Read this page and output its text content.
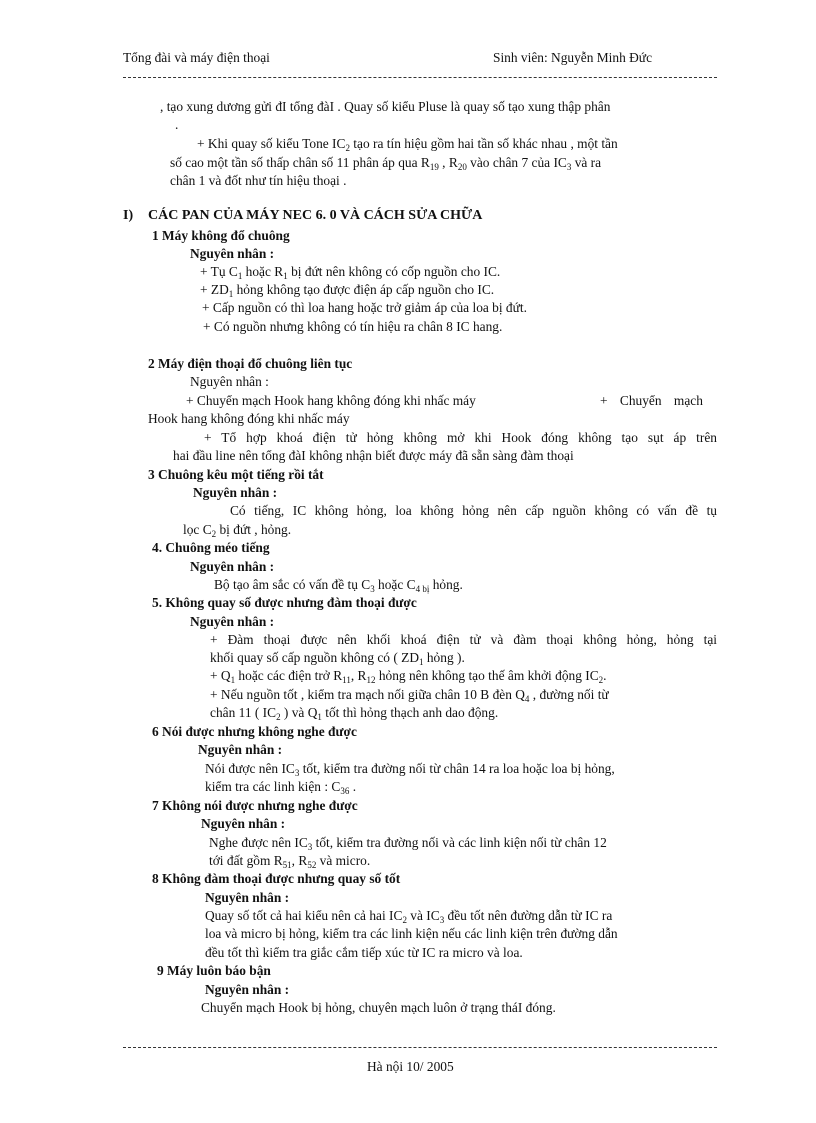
Tổng đài và máy điện thoại	Sinh viên: Nguyễn Minh Đức
, tạo xung dương gửi đI tổng đàI . Quay số kiểu Pluse là quay số tạo xung thập phân
.
+ Khi quay số kiểu Tone $IC_2$ tạo ra tín hiệu gồm hai tần số khác nhau , một tần
số cao một tần số thấp chân số 11 phân áp qua $R_{19}$ , $R_{20}$ vào chân 7 của $IC_3$ và ra
chân 1 và đốt như tín hiệu thoại .
I) CÁC PAN CỦA MÁY NEC 6. 0 VÀ CÁCH SỬA CHỮA
1 Máy không đổ chuông
Nguyên nhân :
+ Tụ $C_1$ hoặc $R_1$ bị đứt nên không có cốp nguồn cho IC.
+ $ZD_1$ hỏng không tạo được điện áp cấp nguồn cho IC.
+ Cấp nguồn có thì loa hang hoặc trở giảm áp của loa bị đứt.
+ Có nguồn nhưng không có tín hiệu ra chân 8 IC hang.
2 Máy điện thoại đổ chuông liên tục
Nguyên nhân :
+ Chuyển mạch Hook hang không đóng khi nhấc máy	+ Chuyển mạch
Hook hang không đóng khi nhấc máy
+ Tổ hợp khoá điện tử hỏng không mở khi Hook đóng không tạo sụt áp trên
hai đầu line nên tổng đàI không nhận biết được máy đã sẵn sàng đàm thoại
3 Chuông kêu một tiếng rồi tắt
Nguyên nhân :
Có tiếng, IC không hỏng, loa không hỏng nên cấp nguồn không có vấn đề tụ
lọc $C_2$ bị đứt , hỏng.
4. Chuông méo tiếng
Nguyên nhân :
Bộ tạo âm sắc có vấn đề tụ $C_3$ hoặc $C_{4 bị}$ hỏng.
5. Không quay số được nhưng đàm thoại được
Nguyên nhân :
+ Đàm thoại được nên khối khoá điện tử và đàm thoại không hỏng, hỏng tại
khối quay số cấp nguồn không có ( $ZD_1$ hỏng ).
+ $Q_1$ hoặc các điện trở $R_{11}$, $R_{12}$ hỏng nên không tạo thế âm khởi động $IC_2$.
+ Nếu nguồn tốt , kiểm tra mạch nối giữa chân 10 B đèn $Q_4$ , đường nối từ
chân 11 ( $IC_2$ ) và $Q_1$ tốt thì hỏng thạch anh dao động.
6 Nói được nhưng không nghe được
Nguyên nhân :
Nói được nên $IC_3$ tốt, kiểm tra đường nối từ chân 14 ra loa hoặc loa bị hỏng,
kiểm tra các linh kiện : $C_{36}$ .
7 Không nói được nhưng nghe được
Nguyên nhân :
Nghe được nên $IC_3$ tốt, kiểm tra đường nối và các linh kiện nối từ chân 12
tới đất gồm $R_{51}$, $R_{52}$ và micro.
8 Không đàm thoại được nhưng quay số tốt
Nguyên nhân :
Quay số tốt cả hai kiểu nên cả hai $IC_2$ và $IC_3$ đều tốt nên đường dẫn từ IC ra
loa và micro bị hỏng, kiểm tra các linh kiện nếu các linh kiện trên đường dẫn
đều tốt thì kiểm tra giắc cắm tiếp xúc từ IC ra micro và loa.
9 Máy luôn báo bận
Nguyên nhân :
Chuyển mạch Hook bị hỏng, chuyên mạch luôn ở trạng tháI đóng.
Hà nội 10/ 2005
